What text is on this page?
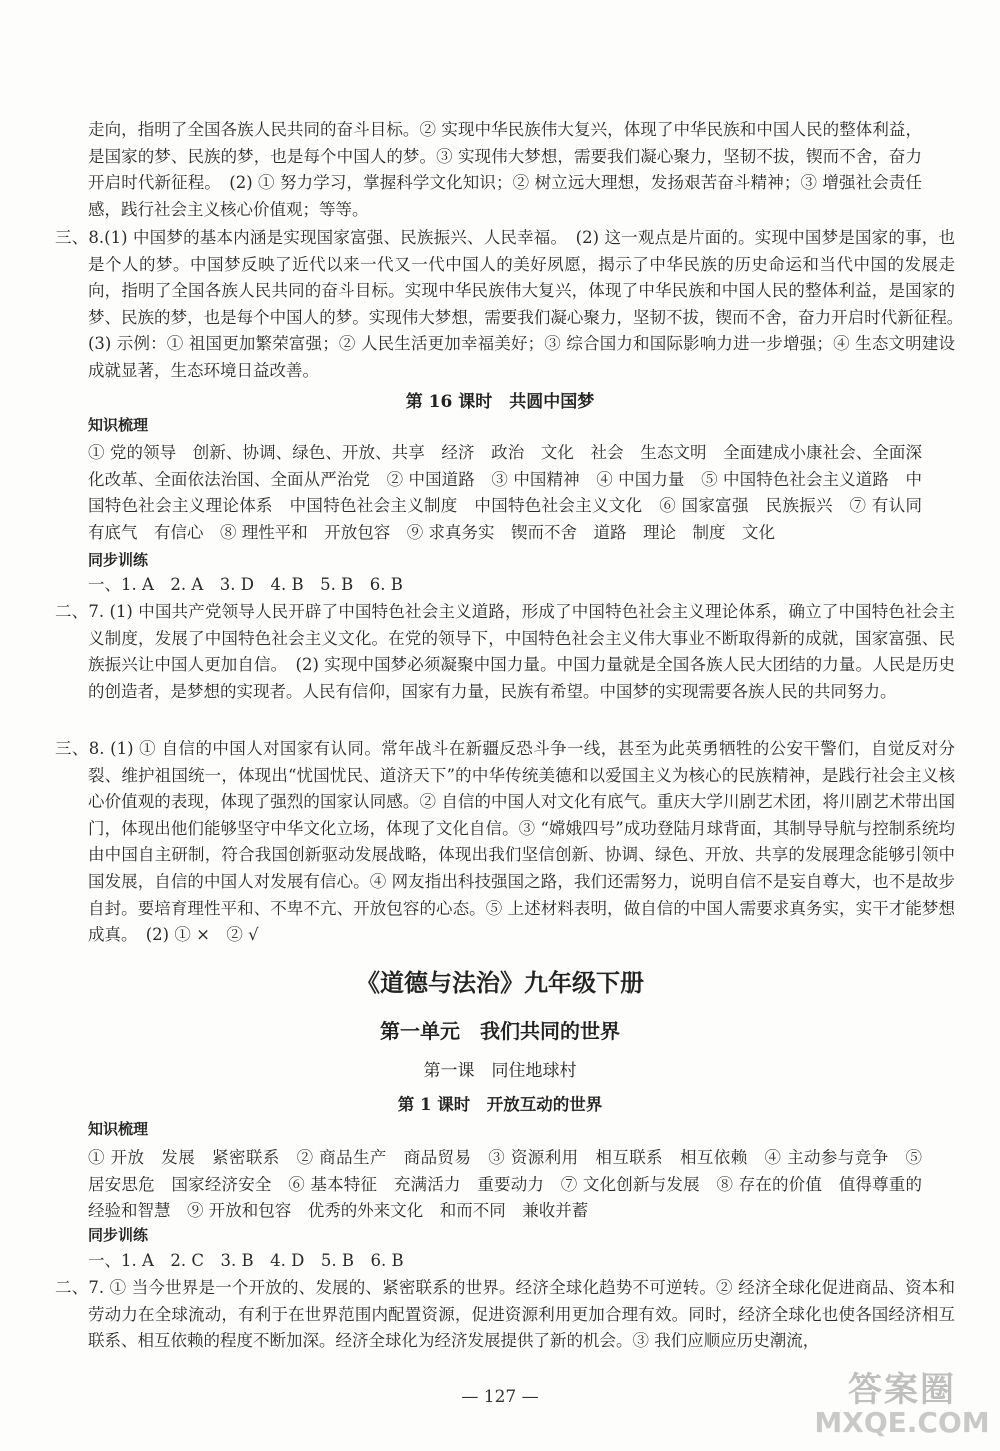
走向，指明了全国各族人民共同的奋斗目标。② 实现中华民族伟大复兴，体现了中华民族和中国人民的整体利益，是国家的梦、民族的梦，也是每个中国人的梦。③ 实现伟大梦想，需要我们凝心聚力，坚韧不拔，锲而不舍，奋力开启时代新征程。　(2) ① 努力学习，掌握科学文化知识；② 树立远大理想，发扬艰苦奋斗精神；③ 增强社会责任感，践行社会主义核心价值观；等等。
三、8.(1) 中国梦的基本内涵是实现国家富强、民族振兴、人民幸福。　(2) 这一观点是片面的。实现中国梦是国家的事，也是个人的梦。中国梦反映了近代以来一代又一代中国人的美好夙愿，揭示了中华民族的历史命运和当代中国的发展走向，指明了全国各族人民共同的奋斗目标。实现中华民族伟大复兴，体现了中华民族和中国人民的整体利益，是国家的梦、民族的梦，也是每个中国人的梦。实现伟大梦想，需要我们凝心聚力，坚韧不拔，锲而不舍，奋力开启时代新征程。　(3) 示例：① 祖国更加繁荣富强；② 人民生活更加幸福美好；③ 综合国力和国际影响力进一步增强；④ 生态文明建设成就显著，生态环境日益改善。
第 16 课时　共圆中国梦
知识梳理
① 党的领导　创新、协调、绿色、开放、共享　经济　政治　文化　社会　生态文明　全面建成小康社会、全面深化改革、全面依法治国、全面从严治党　② 中国道路　③ 中国精神　④ 中国力量　⑤ 中国特色社会主义道路　中国特色社会主义理论体系　中国特色社会主义制度　中国特色社会主义文化　⑥ 国家富强　民族振兴　⑦ 有认同　有底气　有信心　⑧ 理性平和　开放包容　⑨ 求真务实　锲而不舍　道路　理论　制度　文化
同步训练
一、1. A　2. A　3. D　4. B　5. B　6. B
二、7. (1) 中国共产党领导人民开辟了中国特色社会主义道路，形成了中国特色社会主义理论体系，确立了中国特色社会主义制度，发展了中国特色社会主义文化。在党的领导下，中国特色社会主义伟大事业不断取得新的成就，国家富强、民族振兴让中国人更加自信。　(2) 实现中国梦必须凝聚中国力量。中国力量就是全国各族人民大团结的力量。人民是历史的创造者，是梦想的实现者。人民有信仰，国家有力量，民族有希望。中国梦的实现需要各族人民的共同努力。
三、8. (1) ① 自信的中国人对国家有认同。常年战斗在新疆反恐斗争一线，甚至为此英勇牺牲的公安干警们，自觉反对分裂、维护祖国统一，体现出“忧国忧民、道济天下”的中华传统美德和以爱国主义为核心的民族精神，是践行社会主义核心价值观的表现，体现了强烈的国家认同感。② 自信的中国人对文化有底气。重庆大学川剧艺术团，将川剧艺术带出国门，体现出他们能够坚守中华文化立场，体现了文化自信。③ “嫦娥四号”成功登陆月球背面，其制导导航与控制系统均由中国自主研制，符合我国创新驱动发展战略，体现出我们坚信创新、协调、绿色、开放、共享的发展理念能够引领中国发展，自信的中国人对发展有信心。④ 网友指出科技强国之路，我们还需努力，说明自信不是妄自尊大，也不是故步自封。要培育理性平和、不卑不亢、开放包容的心态。⑤ 上述材料表明，做自信的中国人需要求真务实，实干才能梦想成真。　(2) ① ×　② √
《道德与法治》九年级下册
第一单元　我们共同的世界
第一课　同住地球村
第 1 课时　开放互动的世界
知识梳理
① 开放　发展　紧密联系　② 商品生产　商品贸易　③ 资源利用　相互联系　相互依赖　④ 主动参与竞争　⑤ 居安思危　国家经济安全　⑥ 基本特征　充满活力　重要动力　⑦ 文化创新与发展　⑧ 存在的价值　值得尊重的经验和智慧　⑨ 开放和包容　优秀的外来文化　和而不同　兼收并蓄
同步训练
一、1. A　2. C　3. B　4. D　5. B　6. B
二、7. ① 当今世界是一个开放的、发展的、紧密联系的世界。经济全球化趋势不可逆转。② 经济全球化促进商品、资本和劳动力在全球流动，有利于在世界范围内配置资源，促进资源利用更加合理有效。同时，经济全球化也使各国经济相互联系、相互依赖的程度不断加深。经济全球化为经济发展提供了新的机会。③ 我们应顺应历史潮流，
— 127 —	答案圈
MXQE.COM
